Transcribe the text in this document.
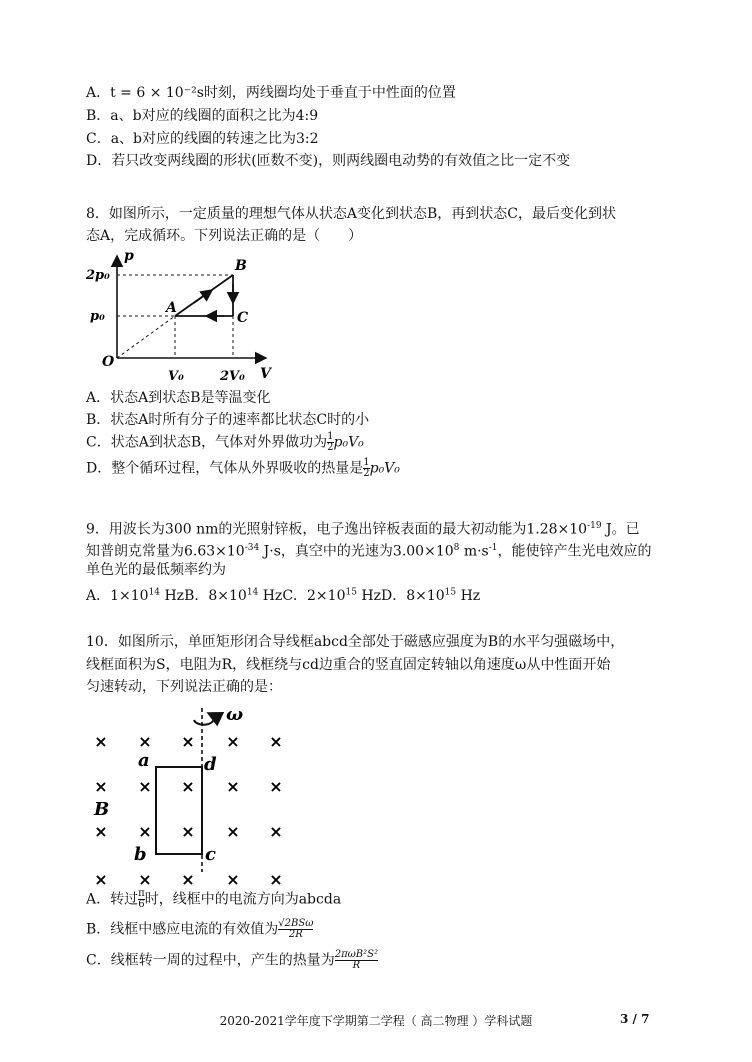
A．t = 6 × 10⁻²s时刻，两线圈均处于垂直于中性面的位置
B．a、b对应的线圈的面积之比为4:9
C．a、b对应的线圈的转速之比为3:2
D．若只改变两线圈的形状(匝数不变)，则两线圈电动势的有效值之比一定不变
8．如图所示，一定质量的理想气体从状态A变化到状态B，再到状态C，最后变化到状
态A，完成循环。下列说法正确的是（　　）
p
V
O
2p₀
p₀
V₀	2V₀
A
B
C
A．状态A到状态B是等温变化
B．状态A时所有分子的速率都比状态C时的小
C．状态A到状态B，气体对外界做功为 $\frac{1}{2} p_0V_0$
D．整个循环过程，气体从外界吸收的热量是 $\frac{1}{2} p_0V_0$
9．用波长为300 nm的光照射锌板，电子逸出锌板表面的最大初动能为$1.28\times 10^{-19}$ J。已
知普朗克常量为$6.63\times 10^{-34}$ J·s，真空中的光速为$3.00\times 10^8$ $m\cdot s^{-1}$，能使锌产生光电效应的
单色光的最低频率约为
A．$1\times 10^{14}$ HzB．$8\times 10^{14}$ HzC．$2\times 10^{15}$ HzD．$8\times 10^{15}$ Hz
10．如图所示，单匝矩形闭合导线框abcd全部处于磁感应强度为B的水平匀强磁场中，
线框面积为S，电阻为R，线框绕与cd边重合的竖直固定转轴以角速度ω从中性面开始
匀速转动，下列说法正确的是：
× × × × ×
× × × × ×
× × × × ×
× × × × ×
ω
a	d
b	c
B
A．转过 $\frac{\pi}{6}$ 时，线框中的电流方向为abcda
B．线框中感应电流的有效值为 $\frac{\text{√2BSω}}{2R}$
C．线框转一周的过程中，产生的热量为 $\frac{\text{2πωB²S²}}{R}$
2020-2021学年度下学期第二学程（ 高二物理 ）学科试题	3 / 7
